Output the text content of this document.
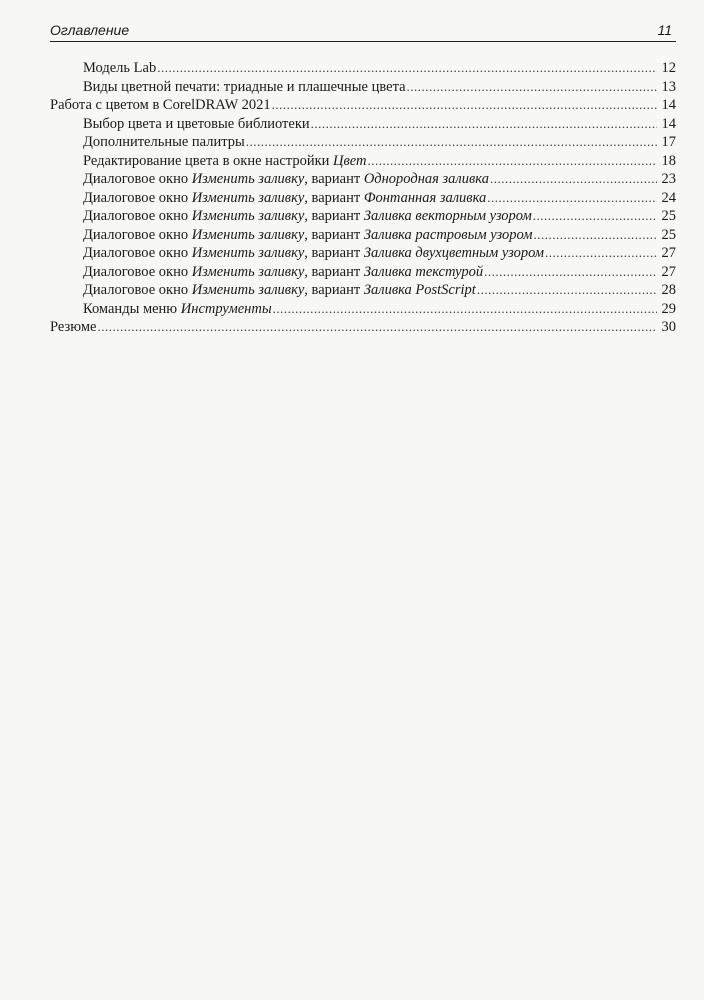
Оглавление	11
Модель Lab .....	12
Виды цветной печати: триадные и плашечные цвета .....	13
Работа с цветом в CorelDRAW 2021 .....	14
Выбор цвета и цветовые библиотеки .....	14
Дополнительные палитры .....	17
Редактирование цвета в окне настройки Цвет .....	18
Диалоговое окно Изменить заливку, вариант Однородная заливка .....	23
Диалоговое окно Изменить заливку, вариант Фонтанная заливка .....	24
Диалоговое окно Изменить заливку, вариант Заливка векторным узором .....	25
Диалоговое окно Изменить заливку, вариант Заливка растровым узором .....	25
Диалоговое окно Изменить заливку, вариант Заливка двухцветным узором .....	27
Диалоговое окно Изменить заливку, вариант Заливка текстурой .....	27
Диалоговое окно Изменить заливку, вариант Заливка PostScript .....	28
Команды меню Инструменты .....	29
Резюме .....	30
